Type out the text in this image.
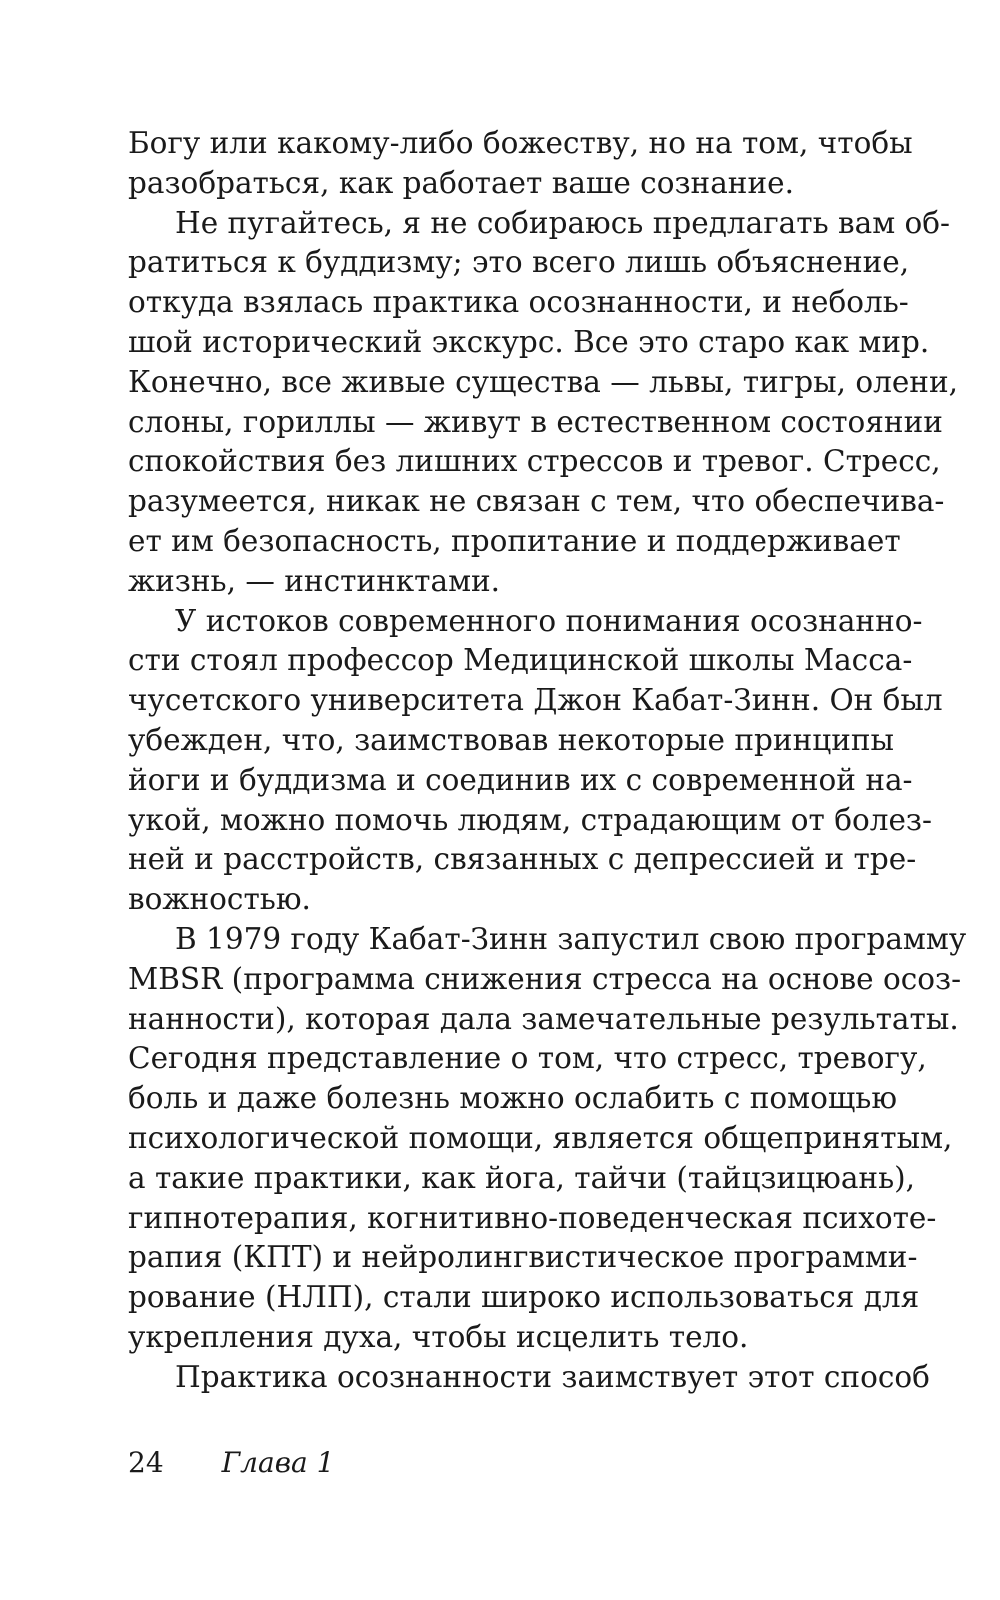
Богу или какому-либо божеству, но на том, чтобы
разобраться, как работает ваше сознание.
Не пугайтесь, я не собираюсь предлагать вам об-
ратиться к буддизму; это всего лишь объяснение,
откуда взялась практика осознанности, и неболь-
шой исторический экскурс. Все это старо как мир.
Конечно, все живые существа — львы, тигры, олени,
слоны, гориллы — живут в естественном состоянии
спокойствия без лишних стрессов и тревог. Стресс,
разумеется, никак не связан с тем, что обеспечива-
ет им безопасность, пропитание и поддерживает
жизнь, — инстинктами.
У истоков современного понимания осознанно-
сти стоял профессор Медицинской школы Масса-
чусетского университета Джон Кабат-Зинн. Он был
убежден, что, заимствовав некоторые принципы
йоги и буддизма и соединив их с современной на-
укой, можно помочь людям, страдающим от болез-
ней и расстройств, связанных с депрессией и тре-
вожностью.
В 1979 году Кабат-Зинн запустил свою программу
MBSR (программа снижения стресса на основе осоз-
нанности), которая дала замечательные результаты.
Сегодня представление о том, что стресс, тревогу,
боль и даже болезнь можно ослабить с помощью
психологической помощи, является общепринятым,
а такие практики, как йога, тайчи (тайцзицюань),
гипнотерапия, когнитивно-поведенческая психоте-
рапия (КПТ) и нейролингвистическое программи-
рование (НЛП), стали широко использоваться для
укрепления духа, чтобы исцелить тело.
Практика осознанности заимствует этот способ
24 Глава 1
